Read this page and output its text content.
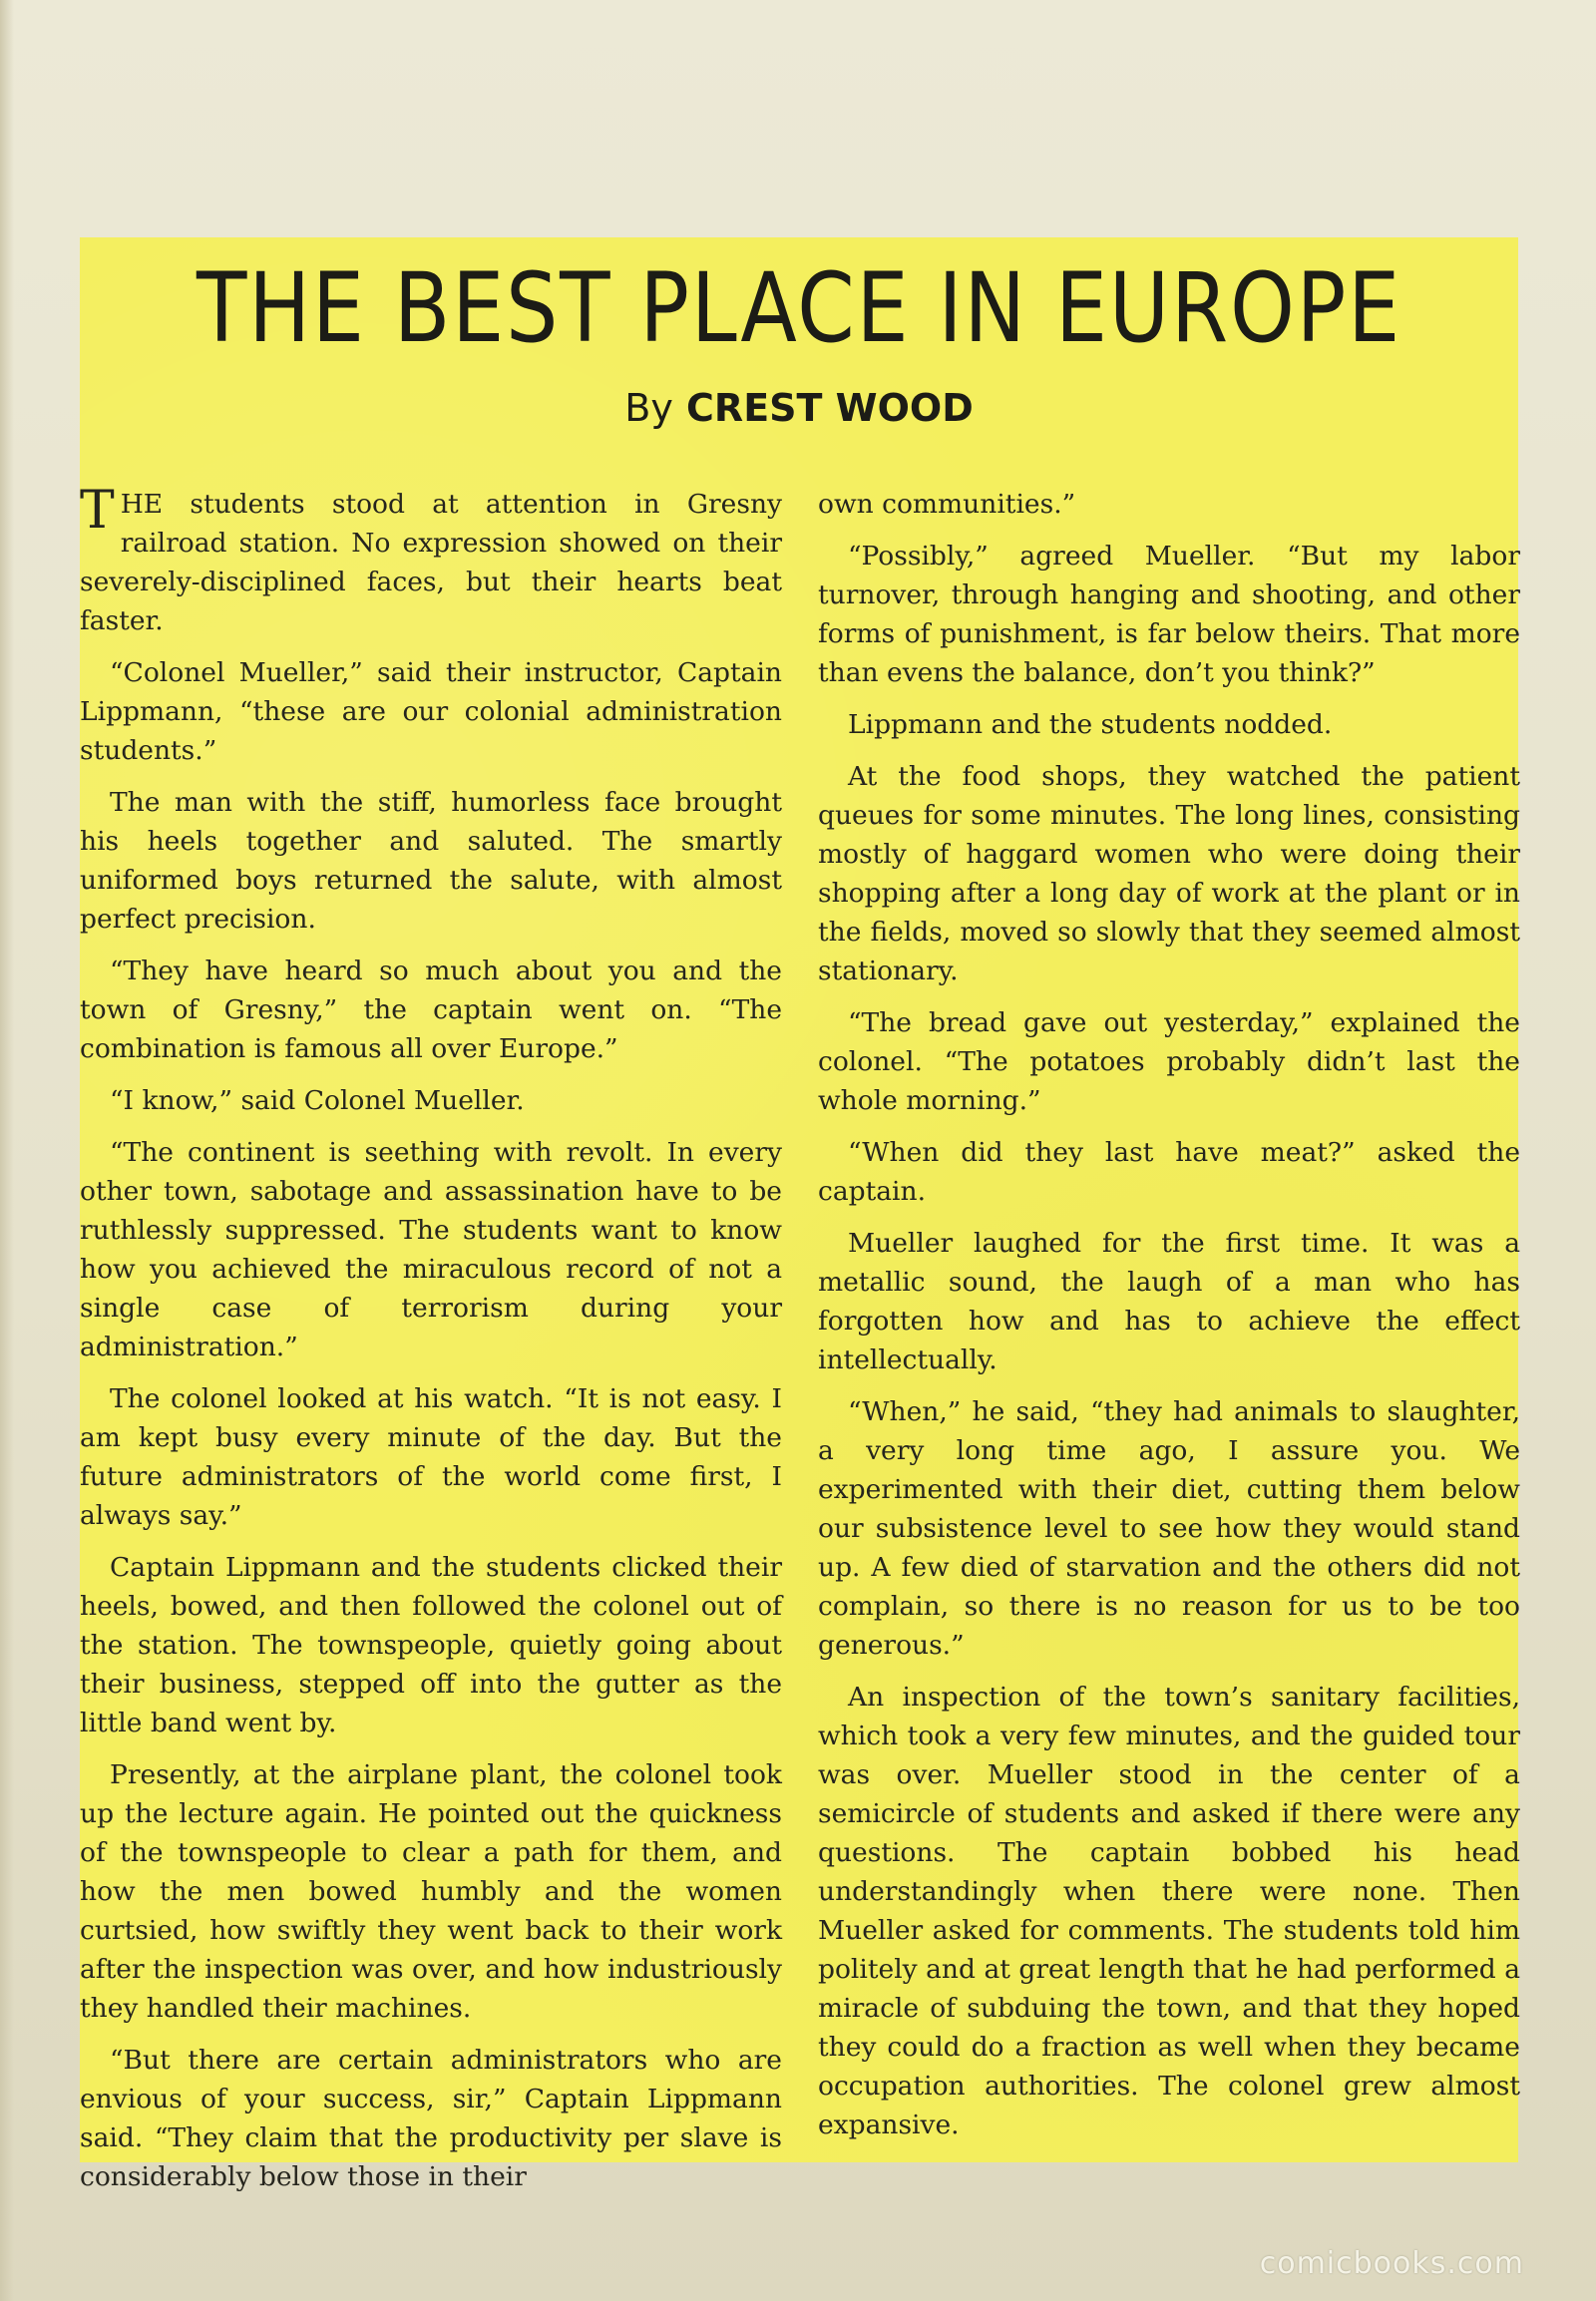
THE BEST PLACE IN EUROPE
By CREST WOOD

THE students stood at attention in Gresny railroad station. No expression showed on their severely-disciplined faces, but their hearts beat faster.

“Colonel Mueller,” said their instructor, Captain Lippmann, “these are our colonial administration students.”

The man with the stiff, humorless face brought his heels together and saluted. The smartly uniformed boys returned the salute, with almost perfect precision.

“They have heard so much about you and the town of Gresny,” the captain went on. “The combination is famous all over Europe.”

“I know,” said Colonel Mueller.

“The continent is seething with revolt. In every other town, sabotage and assassination have to be ruthlessly suppressed. The students want to know how you achieved the miraculous record of not a single case of terrorism during your administration.”

The colonel looked at his watch. “It is not easy. I am kept busy every minute of the day. But the future administrators of the world come first, I always say.”

Captain Lippmann and the students clicked their heels, bowed, and then followed the colonel out of the station. The townspeople, quietly going about their business, stepped off into the gutter as the little band went by.

Presently, at the airplane plant, the colonel took up the lecture again. He pointed out the quickness of the townspeople to clear a path for them, and how the men bowed humbly and the women curtsied, how swiftly they went back to their work after the inspection was over, and how industriously they handled their machines.

“But there are certain administrators who are envious of your success, sir,” Captain Lippmann said. “They claim that the productivity per slave is considerably below those in their

own communities.”

“Possibly,” agreed Mueller. “But my labor turnover, through hanging and shooting, and other forms of punishment, is far below theirs. That more than evens the balance, don’t you think?”

Lippmann and the students nodded.

At the food shops, they watched the patient queues for some minutes. The long lines, consisting mostly of haggard women who were doing their shopping after a long day of work at the plant or in the fields, moved so slowly that they seemed almost stationary.

“The bread gave out yesterday,” explained the colonel. “The potatoes probably didn’t last the whole morning.”

“When did they last have meat?” asked the captain.

Mueller laughed for the first time. It was a metallic sound, the laugh of a man who has forgotten how and has to achieve the effect intellectually.

“When,” he said, “they had animals to slaughter, a very long time ago, I assure you. We experimented with their diet, cutting them below our subsistence level to see how they would stand up. A few died of starvation and the others did not complain, so there is no reason for us to be too generous.”

An inspection of the town’s sanitary facilities, which took a very few minutes, and the guided tour was over. Mueller stood in the center of a semicircle of students and asked if there were any questions. The captain bobbed his head understandingly when there were none. Then Mueller asked for comments. The students told him politely and at great length that he had performed a miracle of subduing the town, and that they hoped they could do a fraction as well when they became occupation authorities. The colonel grew almost expansive.

comicbooks.com
